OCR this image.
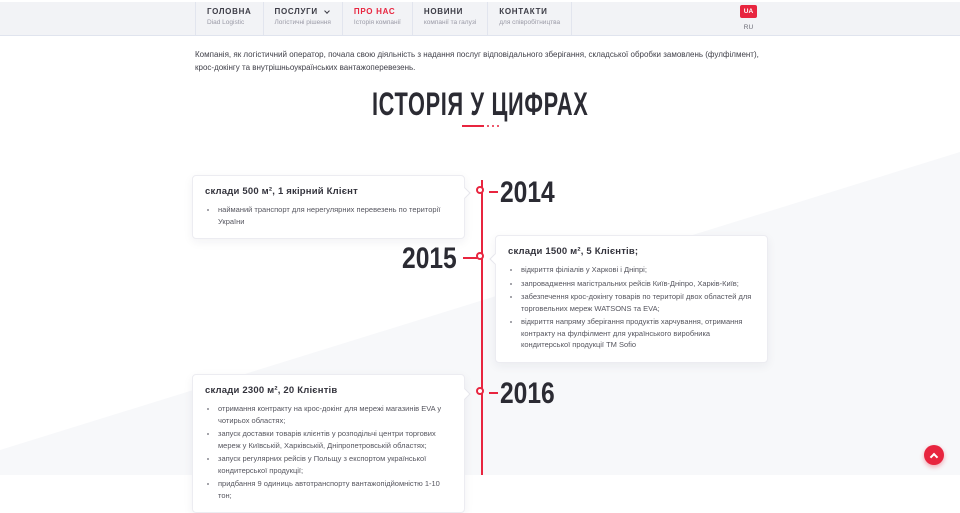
ГОЛОВНА
Diad Logistic
ПОСЛУГИ
Логістичні рішення
ПРО НАС
Історія компанії
НОВИНИ
компанії та галузі
КОНТАКТИ
для співробітництва
UA
RU
Компанія, як логістичний оператор, почала свою діяльність з надання послуг відповідального зберігання, складської обробки замовлень (фулфілмент), крос-докінгу та внутрішньоукраїнських вантажоперевезень.
ІСТОРІЯ У ЦИФРАХ
склади 500 м², 1 якірний Клієнт
• найманий транспорт для нерегулярних перевезень по території України
2014
2015	склади 1500 м², 5 Клієнтів;
• відкриття філіалів у Харкові і Дніпрі;
• запровадження магістральних рейсів Київ-Дніпро, Харків-Київ;
• забезпечення крос-докінгу товарів по території двох областей для торговельних мереж WATSONS та EVA;
• відкриття напряму зберігання продуктів харчування, отримання контракту на фулфілмент для українського виробника кондитерської продукції TM Sofio
склади 2300 м², 20 Клієнтів
• отримання контракту на крос-докінг для мережі магазинів EVA у чотирьох областях;
• запуск доставки товарів клієнтів у розподільчі центри торгових мереж у Київській, Харківській, Дніпропетровській областях;
• запуск регулярних рейсів у Польщу з експортом української кондитерської продукції;
• придбання 9 одиниць автотранспорту вантажопідйомністю 1-10 тон;
2016
